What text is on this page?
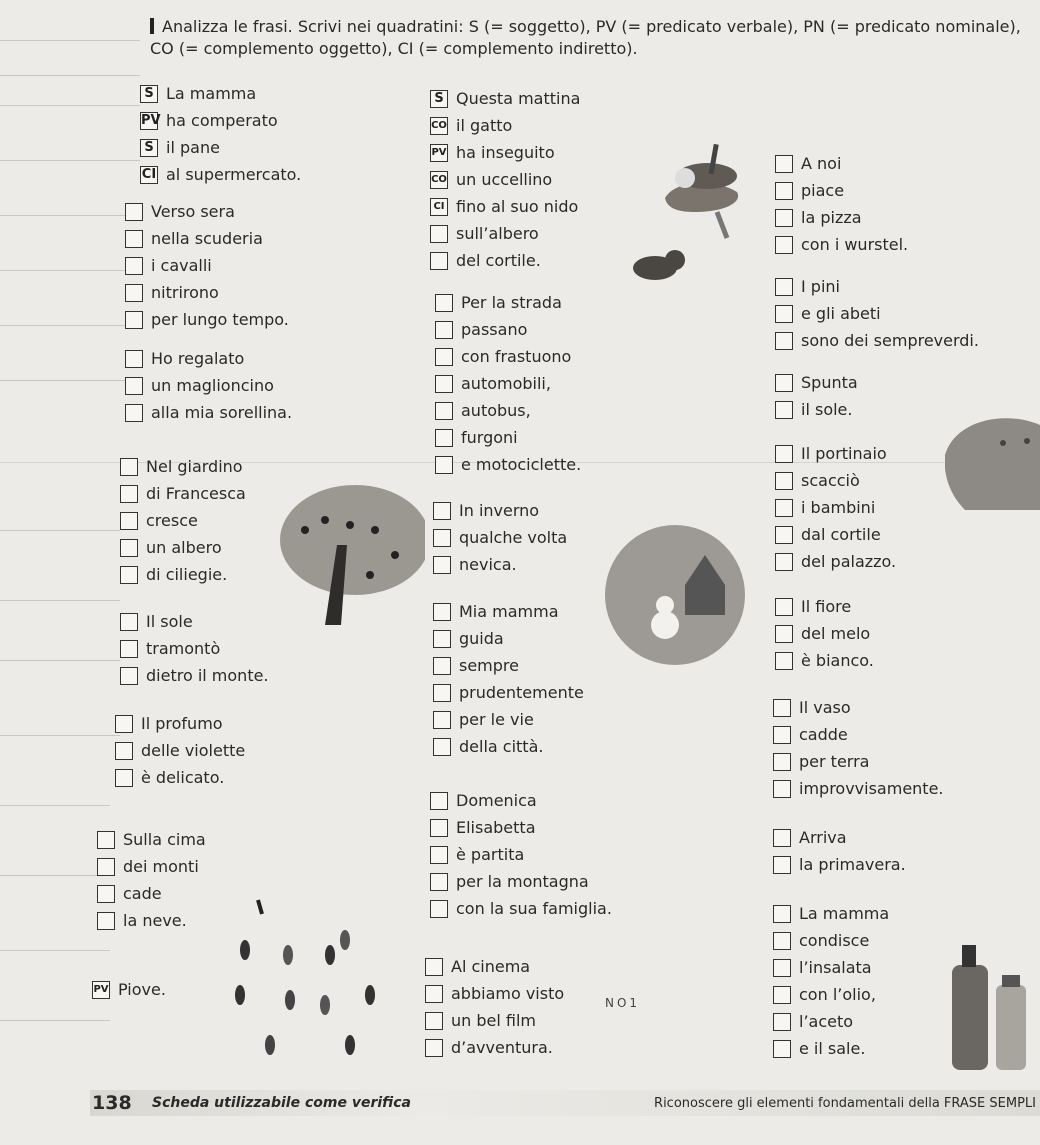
Analizza le frasi. Scrivi nei quadratini: S (= soggetto), PV (= predicato verbale), PN (= predicato nominale), CO (= complemento oggetto), CI (= complemento indiretto).
S La mamma
PV ha comperato
S il pane
CI al supermercato.
Verso sera
nella scuderia
i cavalli
nitrirono
per lungo tempo.
Ho regalato
un maglioncino
alla mia sorellina.
Nel giardino
di Francesca
cresce
un albero
di ciliegie.
Il sole
tramontò
dietro il monte.
Il profumo
delle violette
è delicato.
Sulla cima
dei monti
cade
la neve.
PV Piove.
S Questa mattina
CO il gatto
PV ha inseguito
CO un uccellino
CI fino al suo nido
sull’albero
del cortile.
Per la strada
passano
con frastuono
automobili,
autobus,
furgoni
e motociclette.
In inverno
qualche volta
nevica.
Mia mamma
guida
sempre
prudentemente
per le vie
della città.
Domenica
Elisabetta
è partita
per la montagna
con la sua famiglia.
Al cinema
abbiamo visto
un bel film
d’avventura.
NO1
A noi
piace
la pizza
con i wurstel.
I pini
e gli abeti
sono dei sempreverdi.
Spunta
il sole.
Il portinaio
scacciò
i bambini
dal cortile
del palazzo.
Il fiore
del melo
è bianco.
Il vaso
cadde
per terra
improvvisamente.
Arriva
la primavera.
La mamma
condisce
l’insalata
con l’olio,
l’aceto
e il sale.
138	Scheda utilizzabile come verifica	Riconoscere gli elementi fondamentali della FRASE SEMPLI
